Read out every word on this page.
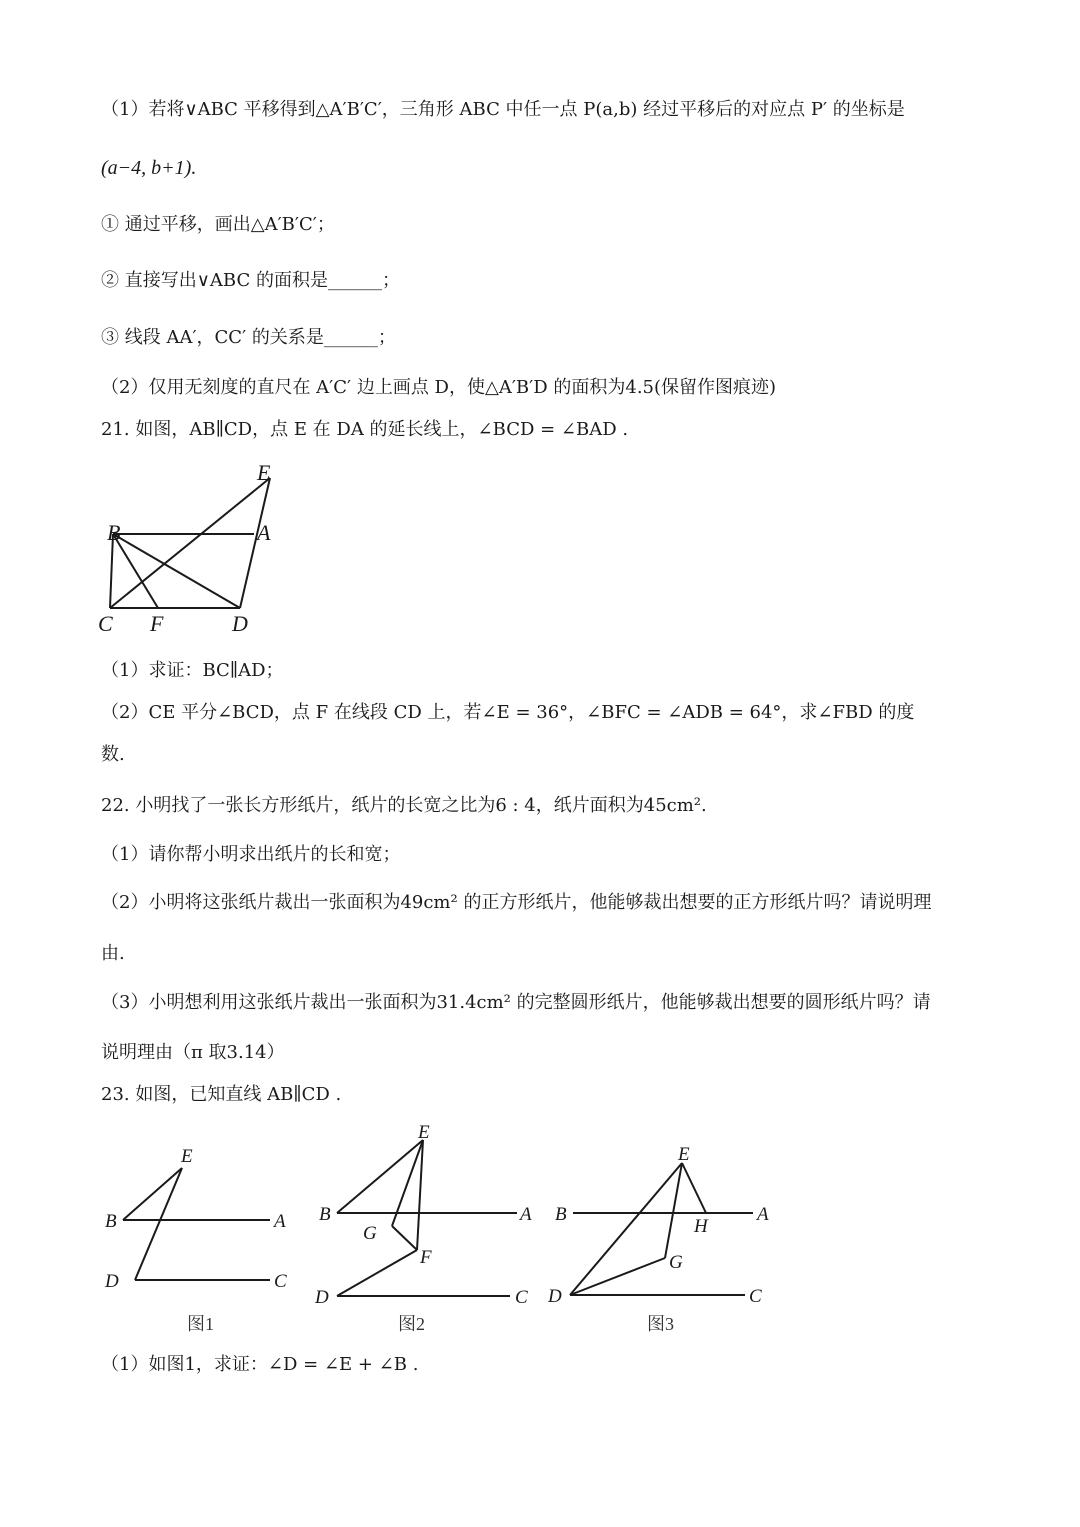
（1）若将∨ABC 平移得到△A′B′C′，三角形 ABC 中任一点 P(a,b) 经过平移后的对应点 P′ 的坐标是
(a−4, b+1).
① 通过平移，画出△A′B′C′；
② 直接写出∨ABC 的面积是______；
③ 线段 AA′，CC′ 的关系是______；
（2）仅用无刻度的直尺在 A′C′ 边上画点 D，使△A′B′D 的面积为4.5(保留作图痕迹)
21. 如图，AB∥CD，点 E 在 DA 的延长线上，∠BCD = ∠BAD .
E
B	A
C F	D
（1）求证：BC∥AD；
（2）CE 平分∠BCD，点 F 在线段 CD 上，若∠E = 36°，∠BFC = ∠ADB = 64°，求∠FBD 的度
数.
22. 小明找了一张长方形纸片，纸片的长宽之比为6 : 4，纸片面积为45cm².
（1）请你帮小明求出纸片的长和宽；
（2）小明将这张纸片裁出一张面积为49cm² 的正方形纸片，他能够裁出想要的正方形纸片吗？请说明理
由.
（3）小明想利用这张纸片裁出一张面积为31.4cm² 的完整圆形纸片，他能够裁出想要的圆形纸片吗？请
说明理由（π 取3.14）
23. 如图，已知直线 AB∥CD .
E
B	A
D	C
图1
E
B	A
G
F
D	C
图2
E
B	A
H
G
D	C
图3
（1）如图1，求证：∠D = ∠E + ∠B .
